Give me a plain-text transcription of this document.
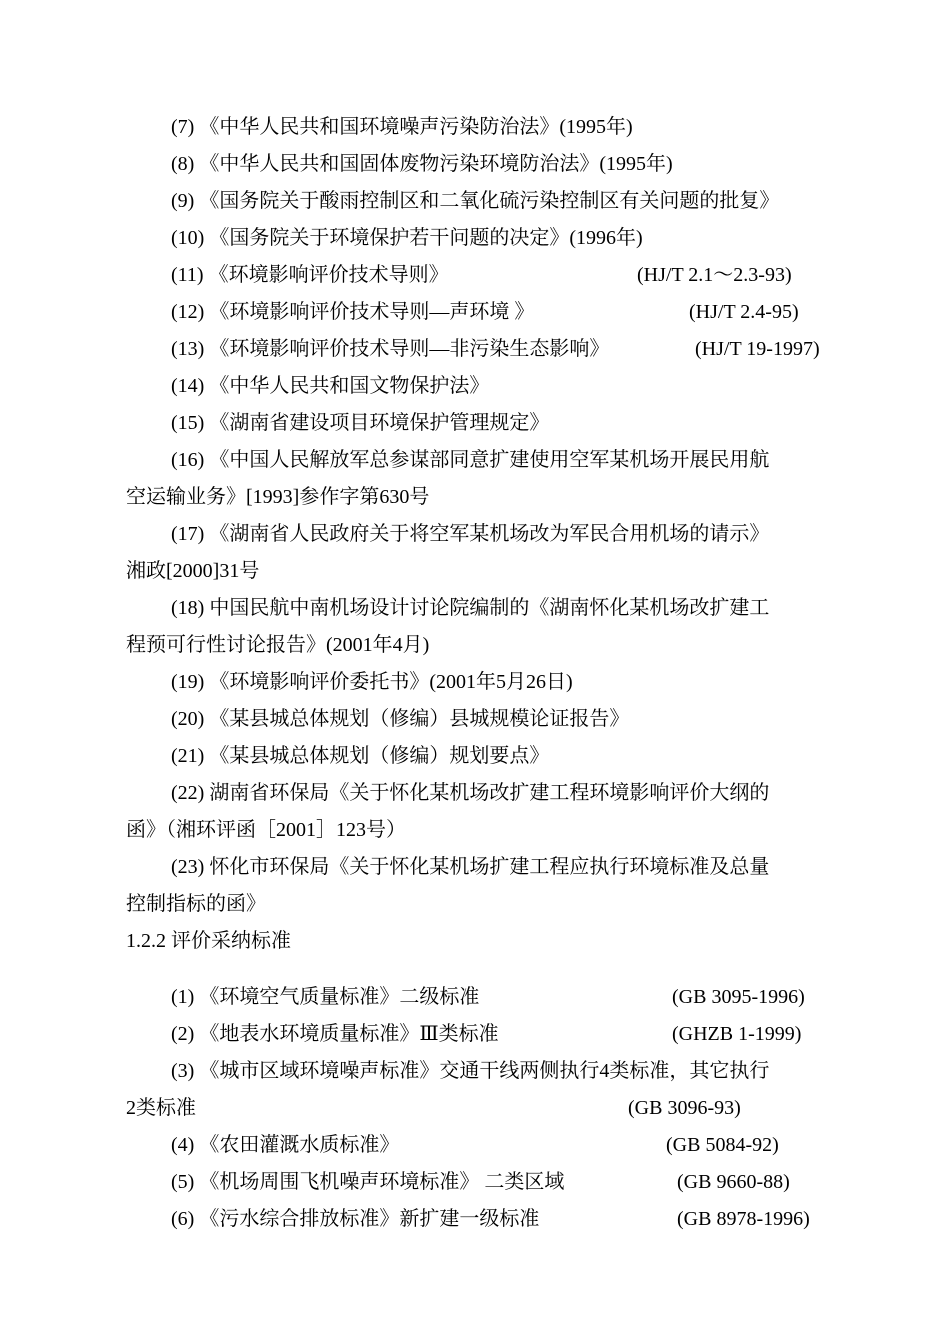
(7) 《中华人民共和国环境噪声污染防治法》(1995年)
(8) 《中华人民共和国固体废物污染环境防治法》(1995年)
(9) 《国务院关于酸雨控制区和二氧化硫污染控制区有关问题的批复》
(10) 《国务院关于环境保护若干问题的决定》(1996年)
(11) 《环境影响评价技术导则》	(HJ/T 2.1～2.3-93)
(12) 《环境影响评价技术导则—声环境 》	(HJ/T 2.4-95)
(13) 《环境影响评价技术导则—非污染生态影响》	(HJ/T 19-1997)
(14) 《中华人民共和国文物保护法》
(15) 《湖南省建设项目环境保护管理规定》
(16) 《中国人民解放军总参谋部同意扩建使用空军某机场开展民用航
空运输业务》[1993]参作字第630号
(17) 《湖南省人民政府关于将空军某机场改为军民合用机场的请示》
湘政[2000]31号
(18) 中国民航中南机场设计讨论院编制的《湖南怀化某机场改扩建工
程预可行性讨论报告》(2001年4月)
(19) 《环境影响评价委托书》(2001年5月26日)
(20) 《某县城总体规划（修编）县城规模论证报告》
(21) 《某县城总体规划（修编）规划要点》
(22) 湖南省环保局《关于怀化某机场改扩建工程环境影响评价大纲的
函》（湘环评函［2001］123号）
(23) 怀化市环保局《关于怀化某机场扩建工程应执行环境标准及总量
控制指标的函》
1.2.2 评价采纳标准
(1) 《环境空气质量标准》二级标准	(GB 3095-1996)
(2) 《地表水环境质量标准》Ⅲ类标准	(GHZB 1-1999)
(3) 《城市区域环境噪声标准》交通干线两侧执行4类标准，其它执行
2类标准	(GB 3096-93)
(4) 《农田灌溉水质标准》	(GB 5084-92)
(5) 《机场周围飞机噪声环境标准》 二类区域	(GB 9660-88)
(6) 《污水综合排放标准》新扩建一级标准	(GB 8978-1996)
